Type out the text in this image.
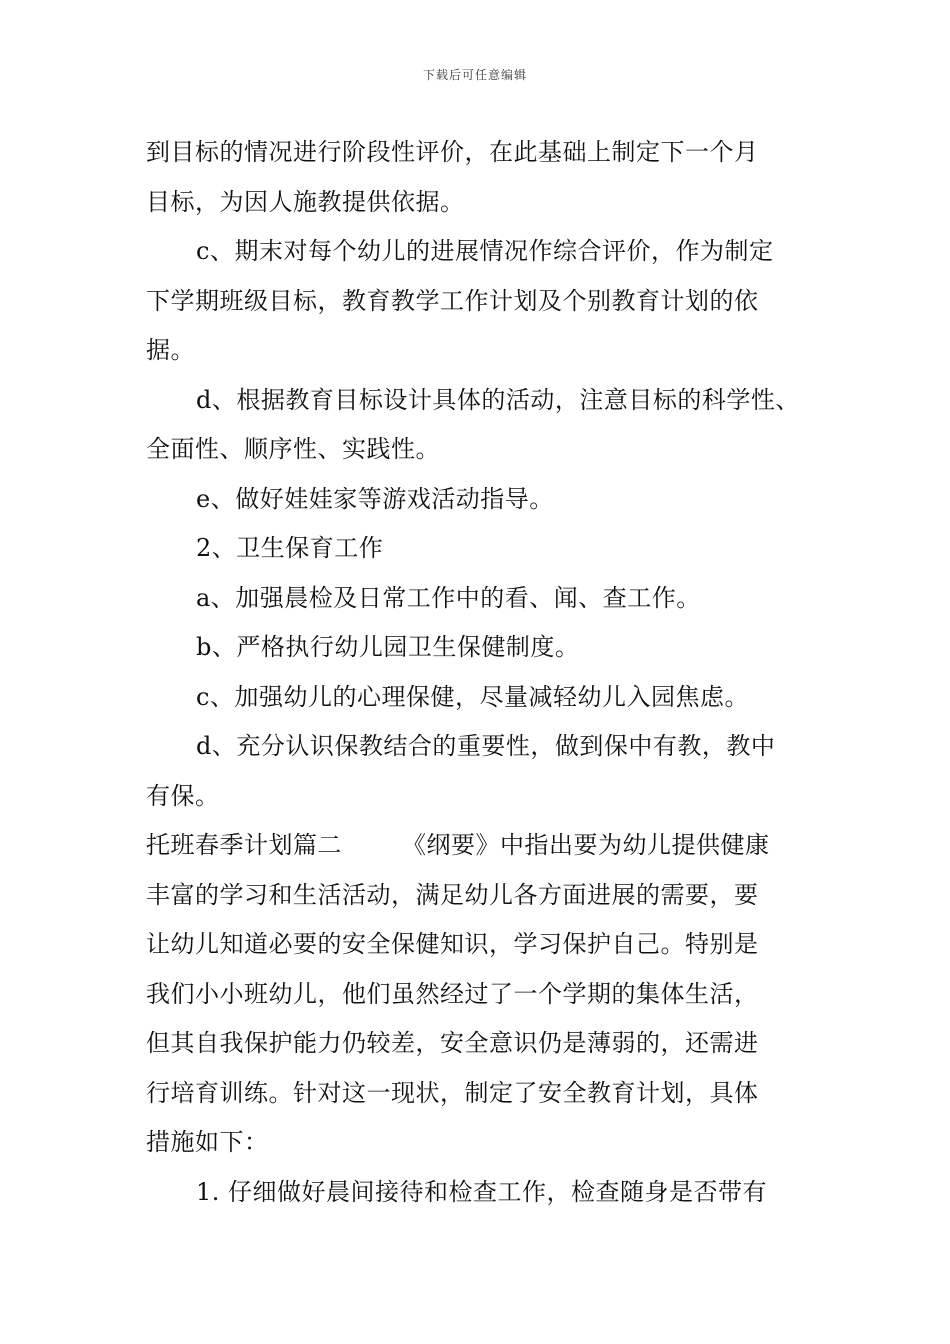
下载后可任意编辑
到目标的情况进行阶段性评价，在此基础上制定下一个月
目标，为因人施教提供依据。
c、期末对每个幼儿的进展情况作综合评价，作为制定
下学期班级目标，教育教学工作计划及个别教育计划的依
据。
d、根据教育目标设计具体的活动，注意目标的科学性、
全面性、顺序性、实践性。
e、做好娃娃家等游戏活动指导。
2、卫生保育工作
a、加强晨检及日常工作中的看、闻、查工作。
b、严格执行幼儿园卫生保健制度。
c、加强幼儿的心理保健，尽量减轻幼儿入园焦虑。
d、充分认识保教结合的重要性，做到保中有教，教中
有保。
托班春季计划篇二	《纲要》中指出要为幼儿提供健康
丰富的学习和生活活动，满足幼儿各方面进展的需要，要
让幼儿知道必要的安全保健知识，学习保护自己。特别是
我们小小班幼儿，他们虽然经过了一个学期的集体生活，
但其自我保护能力仍较差，安全意识仍是薄弱的，还需进
行培育训练。针对这一现状，制定了安全教育计划，具体
措施如下：
1. 仔细做好晨间接待和检查工作，检查随身是否带有
